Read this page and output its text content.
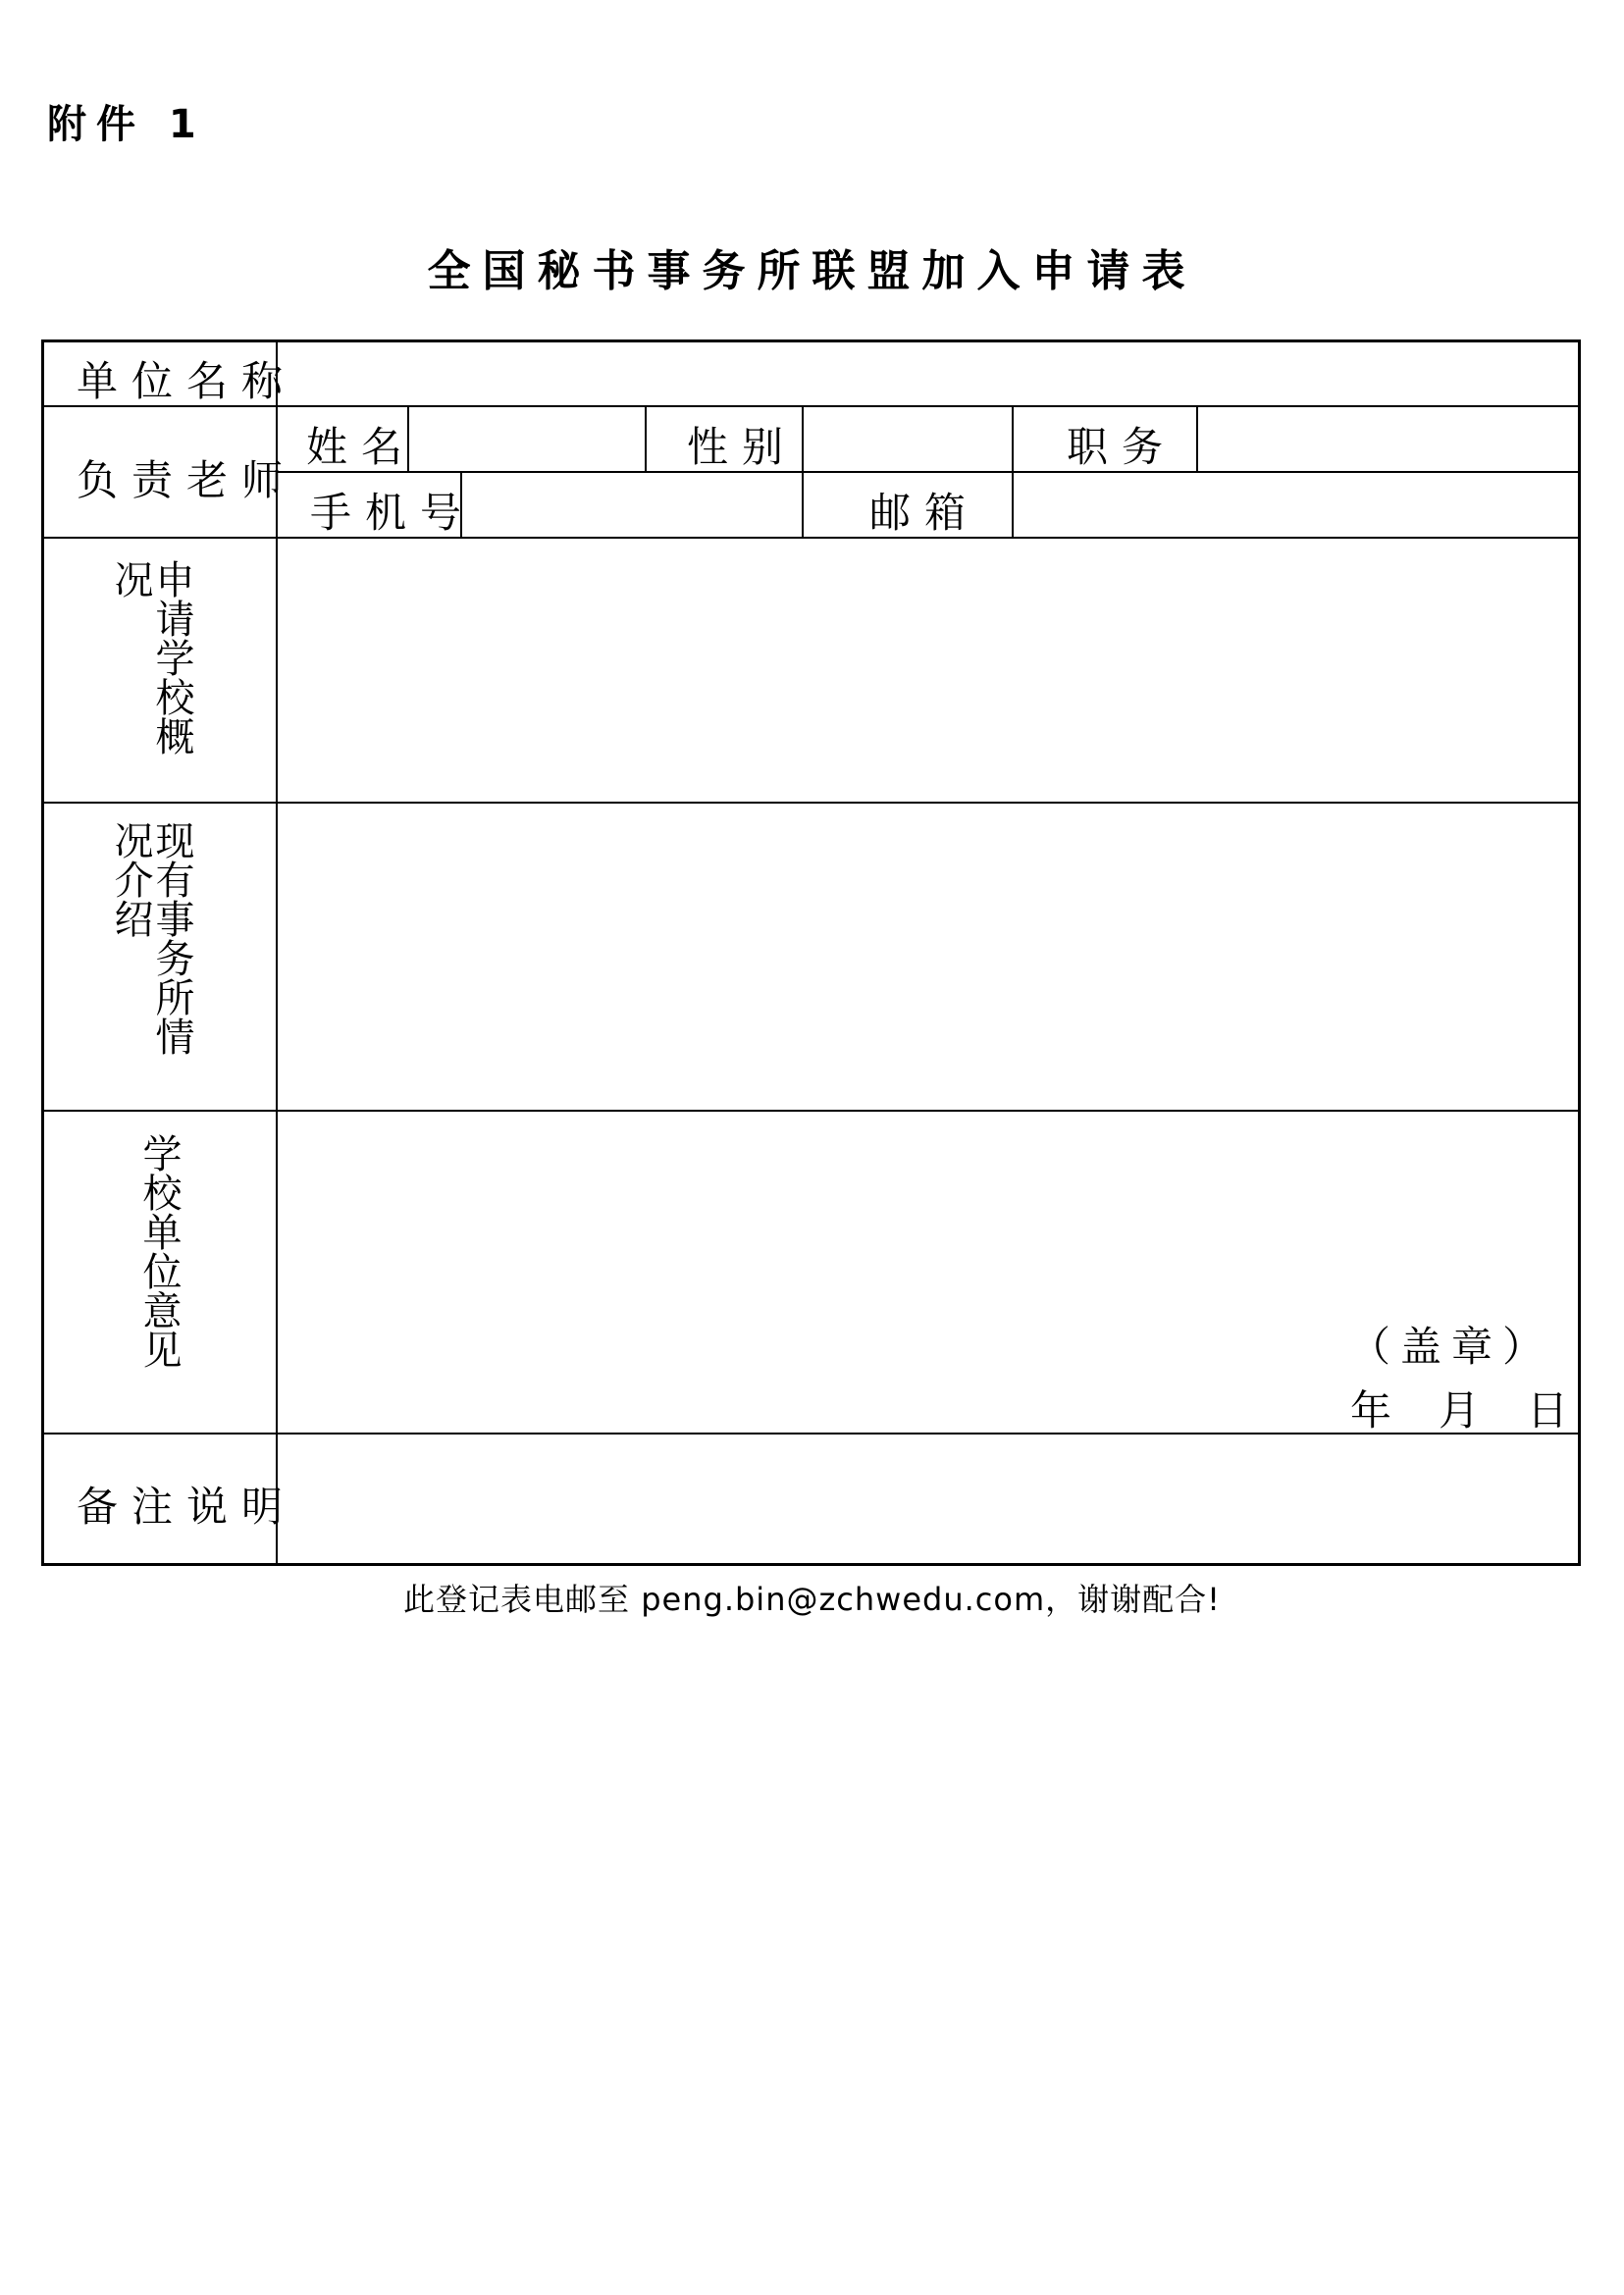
附件 1
全国秘书事务所联盟加入申请表
单位名称
负责老师
姓名	性别	职务
手机号	邮箱
申请学校概况
现有事务所情况介绍
学校单位意见	（盖章）
年 月 日
备注说明
此登记表电邮至 peng.bin@zchwedu.com，谢谢配合!
